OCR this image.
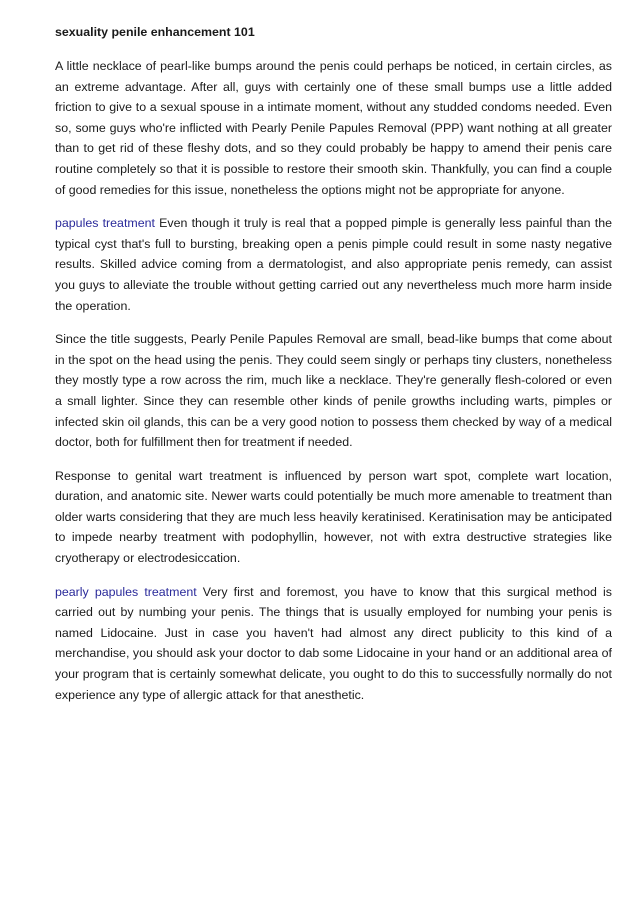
sexuality penile enhancement 101

A little necklace of pearl-like bumps around the penis could perhaps be noticed, in certain circles, as an extreme advantage. After all, guys with certainly one of these small bumps use a little added friction to give to a sexual spouse in a intimate moment, without any studded condoms needed. Even so, some guys who're inflicted with Pearly Penile Papules Removal (PPP) want nothing at all greater than to get rid of these fleshy dots, and so they could probably be happy to amend their penis care routine completely so that it is possible to restore their smooth skin. Thankfully, you can find a couple of good remedies for this issue, nonetheless the options might not be appropriate for anyone.

papules treatment Even though it truly is real that a popped pimple is generally less painful than the typical cyst that's full to bursting, breaking open a penis pimple could result in some nasty negative results. Skilled advice coming from a dermatologist, and also appropriate penis remedy, can assist you guys to alleviate the trouble without getting carried out any nevertheless much more harm inside the operation.

Since the title suggests, Pearly Penile Papules Removal are small, bead-like bumps that come about in the spot on the head using the penis. They could seem singly or perhaps tiny clusters, nonetheless they mostly type a row across the rim, much like a necklace. They're generally flesh-colored or even a small lighter. Since they can resemble other kinds of penile growths including warts, pimples or infected skin oil glands, this can be a very good notion to possess them checked by way of a medical doctor, both for fulfillment then for treatment if needed.

Response to genital wart treatment is influenced by person wart spot, complete wart location, duration, and anatomic site. Newer warts could potentially be much more amenable to treatment than older warts considering that they are much less heavily keratinised. Keratinisation may be anticipated to impede nearby treatment with podophyllin, however, not with extra destructive strategies like cryotherapy or electrodesiccation.

pearly papules treatment Very first and foremost, you have to know that this surgical method is carried out by numbing your penis. The things that is usually employed for numbing your penis is named Lidocaine. Just in case you haven't had almost any direct publicity to this kind of a merchandise, you should ask your doctor to dab some Lidocaine in your hand or an additional area of your program that is certainly somewhat delicate, you ought to do this to successfully normally do not experience any type of allergic attack for that anesthetic.
